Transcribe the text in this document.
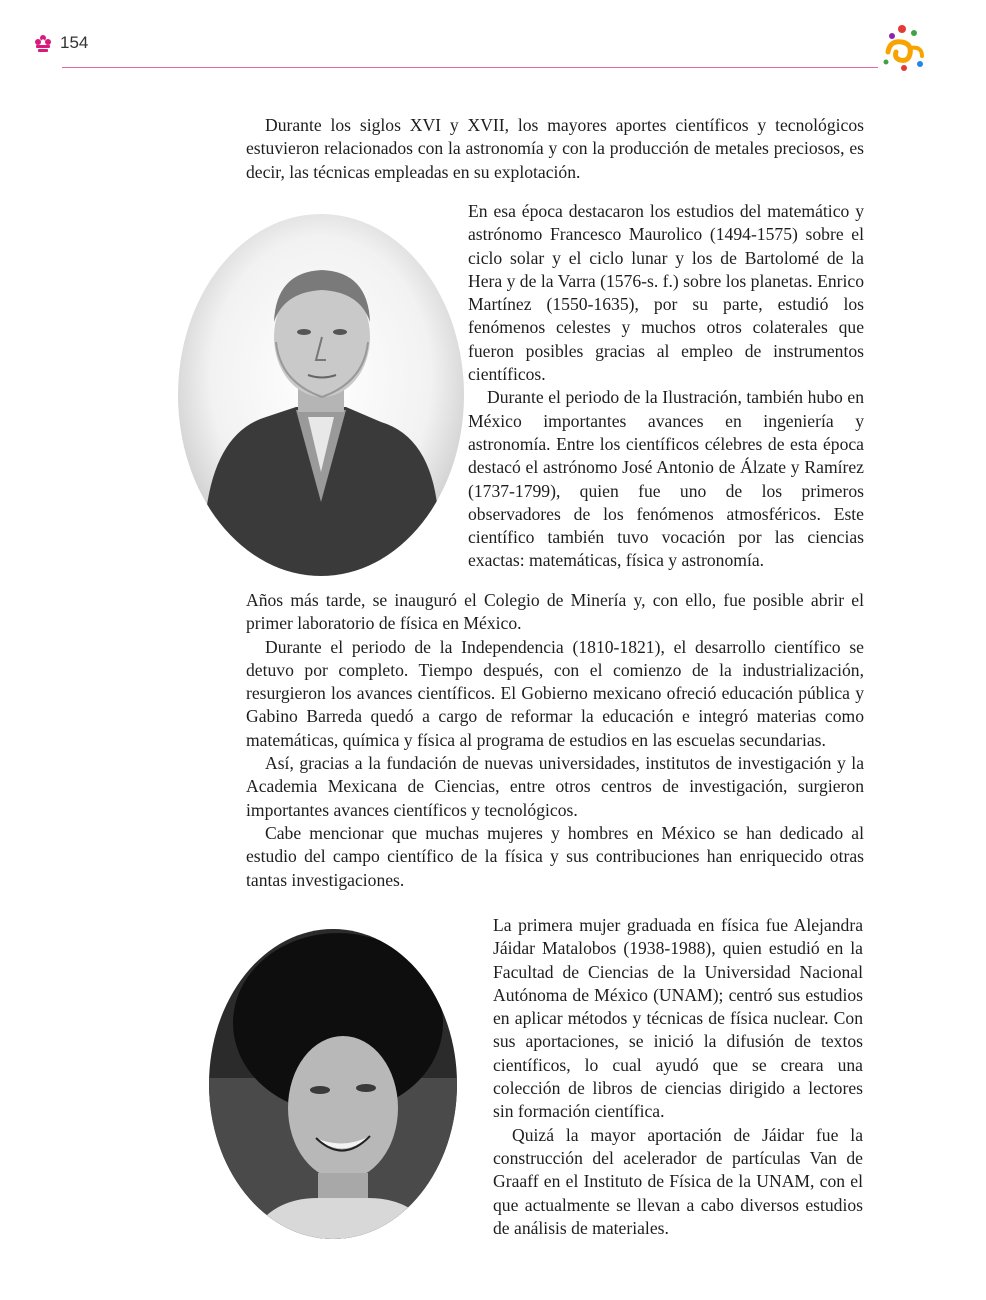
154

Durante los siglos XVI y XVII, los mayores aportes científicos y tecnológicos estuvieron relacionados con la astronomía y con la producción de metales preciosos, es decir, las técnicas empleadas en su explotación.

En esa época destacaron los estudios del matemático y astrónomo Francesco Maurolico (1494-1575) sobre el ciclo solar y el ciclo lunar y los de Bartolomé de la Hera y de la Varra (1576-s. f.) sobre los planetas. Enrico Martínez (1550-1635), por su parte, estudió los fenómenos celestes y muchos otros colaterales que fueron posibles gracias al empleo de instrumentos científicos.

Durante el periodo de la Ilustración, también hubo en México importantes avances en ingeniería y astronomía. Entre los científicos célebres de esta época destacó el astrónomo José Antonio de Álzate y Ramírez (1737-1799), quien fue uno de los primeros observadores de los fenómenos atmosféricos. Este científico también tuvo vocación por las ciencias exactas: matemáticas, física y astronomía.

Años más tarde, se inauguró el Colegio de Minería y, con ello, fue posible abrir el primer laboratorio de física en México.

Durante el periodo de la Independencia (1810-1821), el desarrollo científico se detuvo por completo. Tiempo después, con el comienzo de la industrialización, resurgieron los avances científicos. El Gobierno mexicano ofreció educación pública y Gabino Barreda quedó a cargo de reformar la educación e integró materias como matemáticas, química y física al programa de estudios en las escuelas secundarias.

Así, gracias a la fundación de nuevas universidades, institutos de investigación y la Academia Mexicana de Ciencias, entre otros centros de investigación, surgieron importantes avances científicos y tecnológicos.

Cabe mencionar que muchas mujeres y hombres en México se han dedicado al estudio del campo científico de la física y sus contribuciones han enriquecido otras tantas investigaciones.

La primera mujer graduada en física fue Alejandra Jáidar Matalobos (1938-1988), quien estudió en la Facultad de Ciencias de la Universidad Nacional Autónoma de México (UNAM); centró sus estudios en aplicar métodos y técnicas de física nuclear. Con sus aportaciones, se inició la difusión de textos científicos, lo cual ayudó que se creara una colección de libros de ciencias dirigido a lectores sin formación científica.

Quizá la mayor aportación de Jáidar fue la construcción del acelerador de partículas Van de Graaff en el Instituto de Física de la UNAM, con el que actualmente se llevan a cabo diversos estudios de análisis de materiales.
